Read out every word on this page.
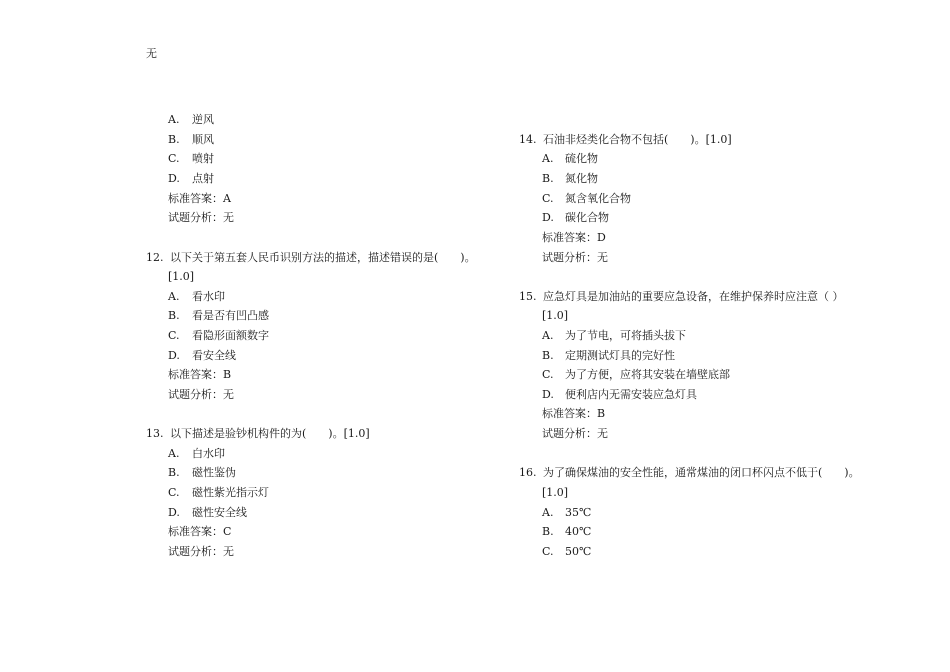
无
A. 逆风
B. 顺风
C. 喷射
D. 点射
标准答案：A
试题分析：无
12. 以下关于第五套人民币识别方法的描述，描述错误的是(　　)。
[1.0]
A. 看水印
B. 看是否有凹凸感
C. 看隐形面额数字
D. 看安全线
标准答案：B
试题分析：无
13. 以下描述是验钞机构件的为(　　)。[1.0]
A. 白水印
B. 磁性鉴伪
C. 磁性紫光指示灯
D. 磁性安全线
标准答案：C
试题分析：无
14. 石油非烃类化合物不包括(　　)。[1.0]
A. 硫化物
B. 氮化物
C. 氮含氧化合物
D. 碳化合物
标准答案：D
试题分析：无
15. 应急灯具是加油站的重要应急设备，在维护保养时应注意（ ）
[1.0]
A. 为了节电，可将插头拔下
B. 定期测试灯具的完好性
C. 为了方便，应将其安装在墙壁底部
D. 便利店内无需安装应急灯具
标准答案：B
试题分析：无
16. 为了确保煤油的安全性能，通常煤油的闭口杯闪点不低于(　　)。
[1.0]
A. 35℃
B. 40℃
C. 50℃
